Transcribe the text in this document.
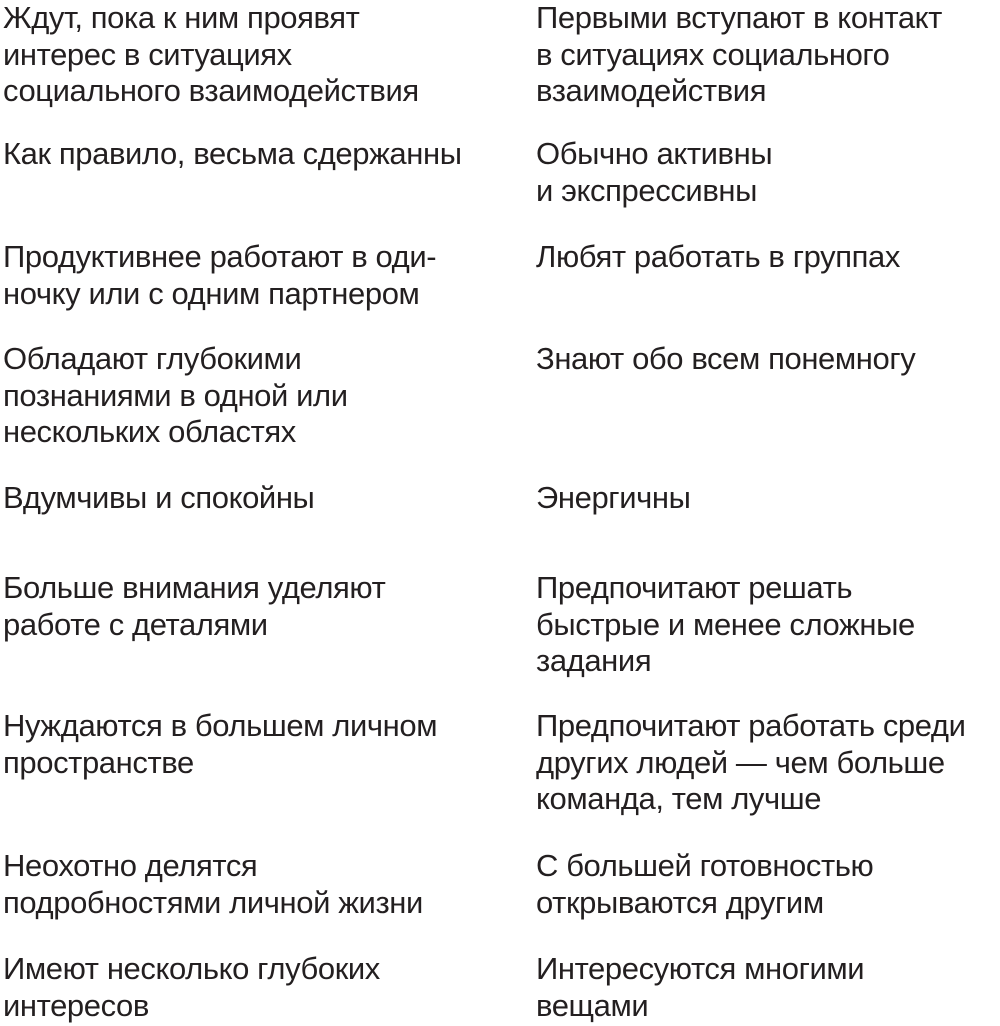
Ждут, пока к ним проявят
интерес в ситуациях
социального взаимодействия

Первыми вступают в контакт
в ситуациях социального
взаимодействия

Как правило, весьма сдержанны Обычно активны
и экспрессивны

Продуктивнее работают в оди-
ночку или с одним партнером

Любят работать в группах

Обладают глубокими
познаниями в одной или
нескольких областях

Знают обо всем понемногу

Вдумчивы и спокойны	Энергичны

Больше внимания уделяют
работе с деталями

Предпочитают решать
быстрые и менее сложные
задания

Нуждаются в большем личном
пространстве

Предпочитают работать среди
других людей — чем больше
команда, тем лучше

Неохотно делятся
подробностями личной жизни

С большей готовностью
открываются другим

Имеют несколько глубоких
интересов

Интересуются многими
вещами
